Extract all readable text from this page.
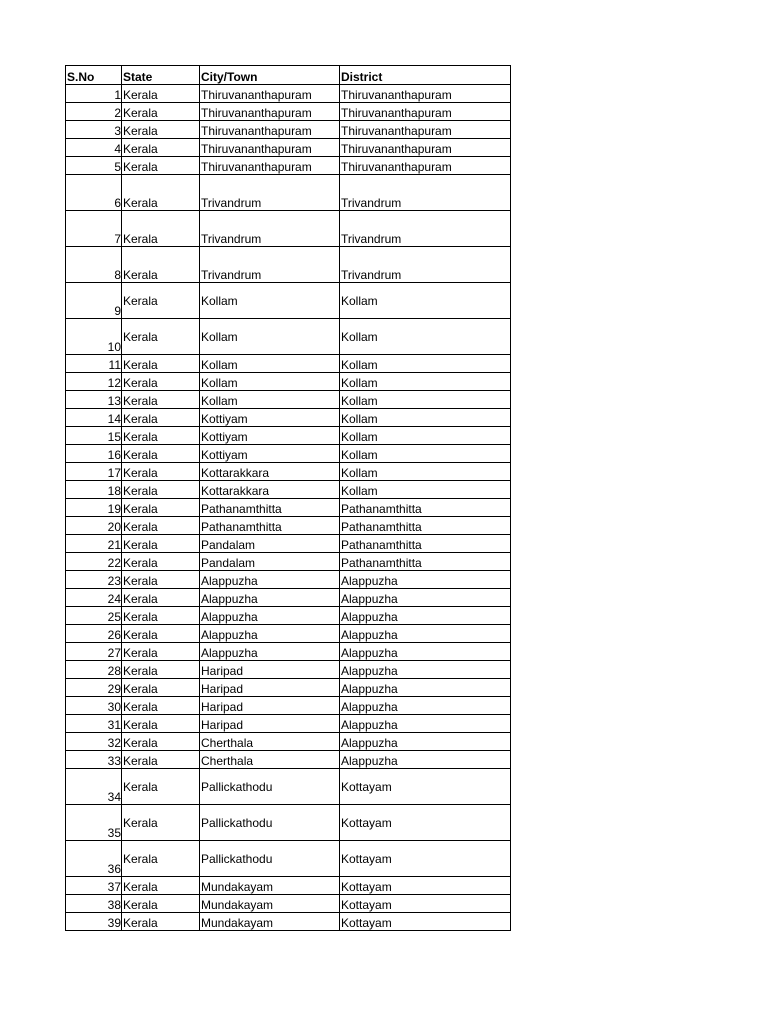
S.No	State	City/Town	District
1	Kerala	Thiruvananthapuram	Thiruvananthapuram
2	Kerala	Thiruvananthapuram	Thiruvananthapuram
3	Kerala	Thiruvananthapuram	Thiruvananthapuram
4	Kerala	Thiruvananthapuram	Thiruvananthapuram
5	Kerala	Thiruvananthapuram	Thiruvananthapuram
6	Kerala	Trivandrum	Trivandrum
7	Kerala	Trivandrum	Trivandrum
8	Kerala	Trivandrum	Trivandrum
9	Kerala	Kollam	Kollam
10	Kerala	Kollam	Kollam
11	Kerala	Kollam	Kollam
12	Kerala	Kollam	Kollam
13	Kerala	Kollam	Kollam
14	Kerala	Kottiyam	Kollam
15	Kerala	Kottiyam	Kollam
16	Kerala	Kottiyam	Kollam
17	Kerala	Kottarakkara	Kollam
18	Kerala	Kottarakkara	Kollam
19	Kerala	Pathanamthitta	Pathanamthitta
20	Kerala	Pathanamthitta	Pathanamthitta
21	Kerala	Pandalam	Pathanamthitta
22	Kerala	Pandalam	Pathanamthitta
23	Kerala	Alappuzha	Alappuzha
24	Kerala	Alappuzha	Alappuzha
25	Kerala	Alappuzha	Alappuzha
26	Kerala	Alappuzha	Alappuzha
27	Kerala	Alappuzha	Alappuzha
28	Kerala	Haripad	Alappuzha
29	Kerala	Haripad	Alappuzha
30	Kerala	Haripad	Alappuzha
31	Kerala	Haripad	Alappuzha
32	Kerala	Cherthala	Alappuzha
33	Kerala	Cherthala	Alappuzha
34	Kerala	Pallickathodu	Kottayam
35	Kerala	Pallickathodu	Kottayam
36	Kerala	Pallickathodu	Kottayam
37	Kerala	Mundakayam	Kottayam
38	Kerala	Mundakayam	Kottayam
39	Kerala	Mundakayam	Kottayam
